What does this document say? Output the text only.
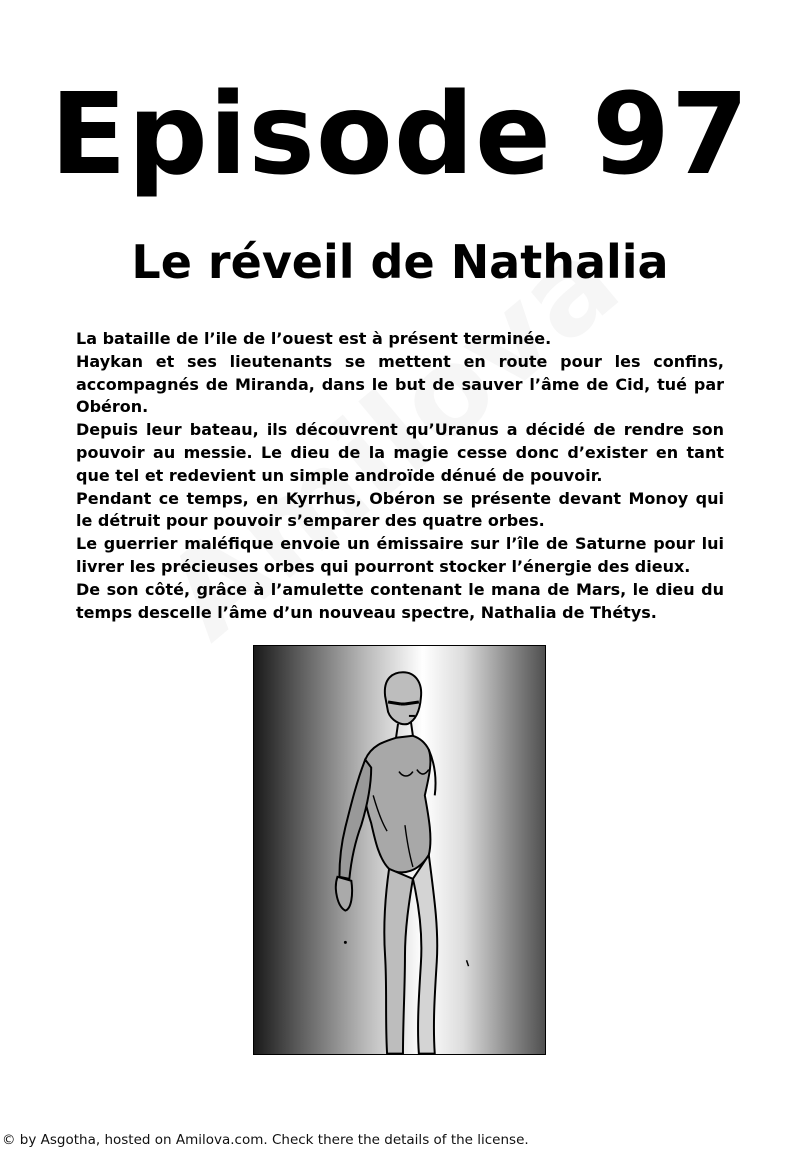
Episode 97
Le réveil de Nathalia

La bataille de l’ile de l’ouest est à présent terminée.

Haykan et ses lieutenants se mettent en route pour les confins, accompagnés de Miranda, dans le but de sauver l’âme de Cid, tué par Obéron.

Depuis leur bateau, ils découvrent qu’Uranus a décidé de rendre son pouvoir au messie. Le dieu de la magie cesse donc d’exister en tant que tel et redevient un simple androïde dénué de pouvoir.

Pendant ce temps, en Kyrrhus, Obéron se présente devant Monoy qui le détruit pour pouvoir s’emparer des quatre orbes.

Le guerrier maléfique envoie un émissaire sur l’île de Saturne pour lui livrer les précieuses orbes qui pourront stocker l’énergie des dieux.

De son côté, grâce à l’amulette contenant le mana de Mars, le dieu du temps descelle l’âme d’un nouveau spectre, Nathalia de Thétys.

© by Asgotha, hosted on Amilova.com. Check there the details of the license.
